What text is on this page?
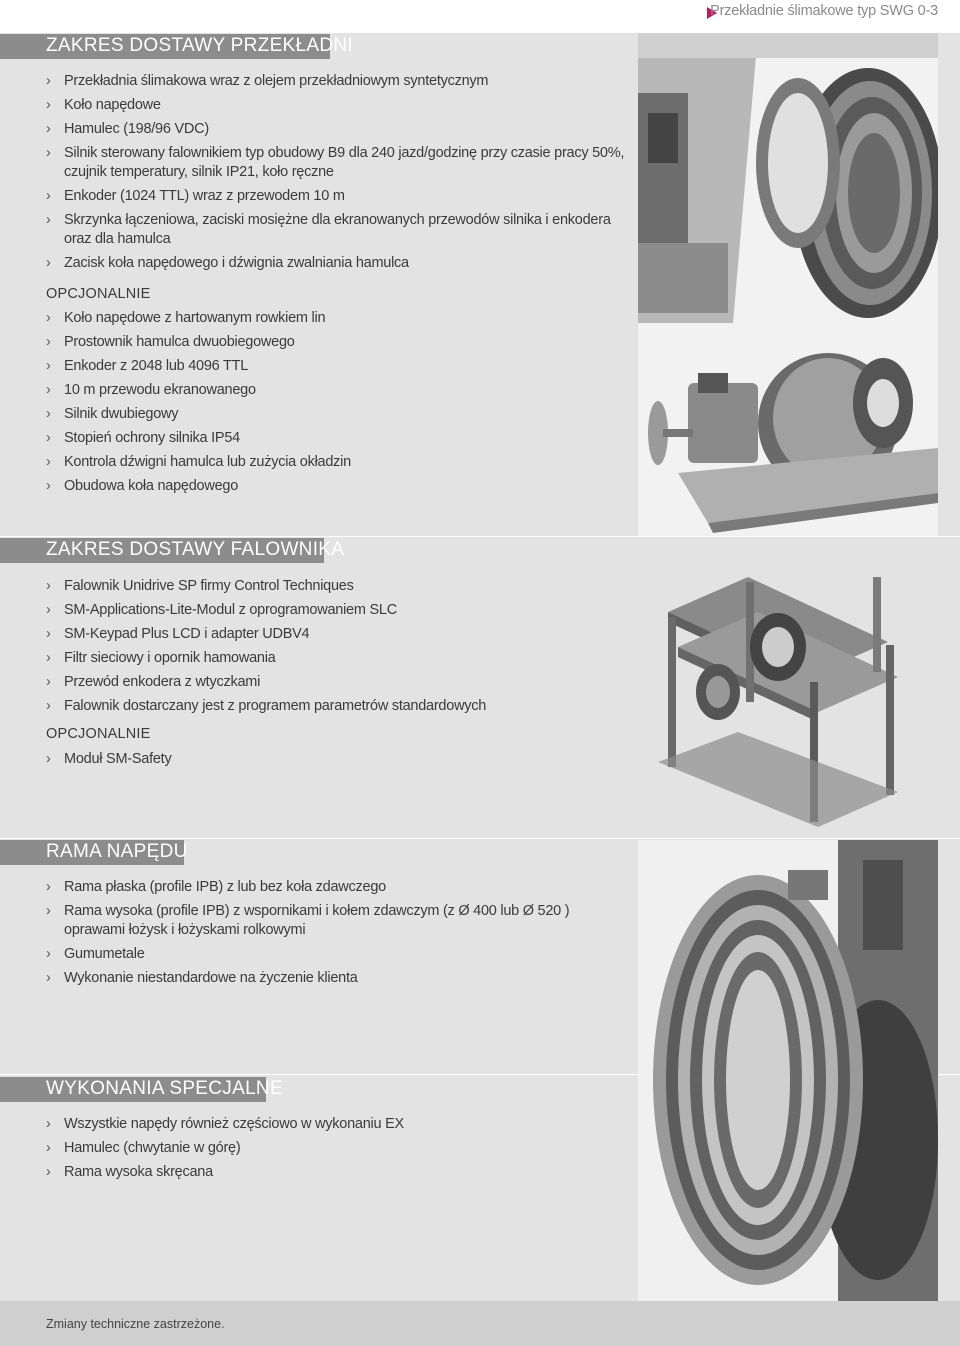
Przekładnie ślimakowe typ SWG 0-3
Zmiany techniczne zastrzeżone.
ZAKRES DOSTAWY PRZEKŁADNI
› Przekładnia ślimakowa wraz z olejem przekładniowym syntetycznym
› Koło napędowe
› Hamulec (198/96 VDC)
› Silnik sterowany falownikiem typ obudowy B9 dla 240 jazd/godzinę przy czasie pracy 50%,
czujnik temperatury, silnik IP21, koło ręczne
› Enkoder (1024 TTL) wraz z przewodem 10 m
› Skrzynka łączeniowa, zaciski mosiężne dla ekranowanych przewodów silnika i enkodera
oraz dla hamulca
› Zacisk koła napędowego i dźwignia zwalniania hamulca
OPCJONALNIE
› Koło napędowe z hartowanym rowkiem lin
› Prostownik hamulca dwuobiegowego
› Enkoder z 2048 lub 4096 TTL
› 10 m przewodu ekranowanego
› Silnik dwubiegowy
› Stopień ochrony silnika IP54
› Kontrola dźwigni hamulca lub zużycia okładzin
› Obudowa koła napędowego
ZAKRES DOSTAWY FALOWNIKA
› Falownik Unidrive SP firmy Control Techniques
› SM-Applications-Lite-Modul z oprogramowaniem SLC
› SM-Keypad Plus LCD i adapter UDBV4
› Filtr sieciowy i opornik hamowania
› Przewód enkodera z wtyczkami
› Falownik dostarczany jest z programem parametrów standardowych
OPCJONALNIE
› Moduł SM-Safety
RAMA NAPĘDU
› Rama płaska (profile IPB) z lub bez koła zdawczego
› Rama wysoka (profile IPB) z wspornikami i kołem zdawczym (z Ø 400 lub Ø 520 )
oprawami łożysk i łożyskami rolkowymi
› Gumumetale
› Wykonanie niestandardowe na życzenie klienta
WYKONANIA SPECJALNE
› Wszystkie napędy również częściowo w wykonaniu EX
› Hamulec (chwytanie w górę)
› Rama wysoka skręcana
